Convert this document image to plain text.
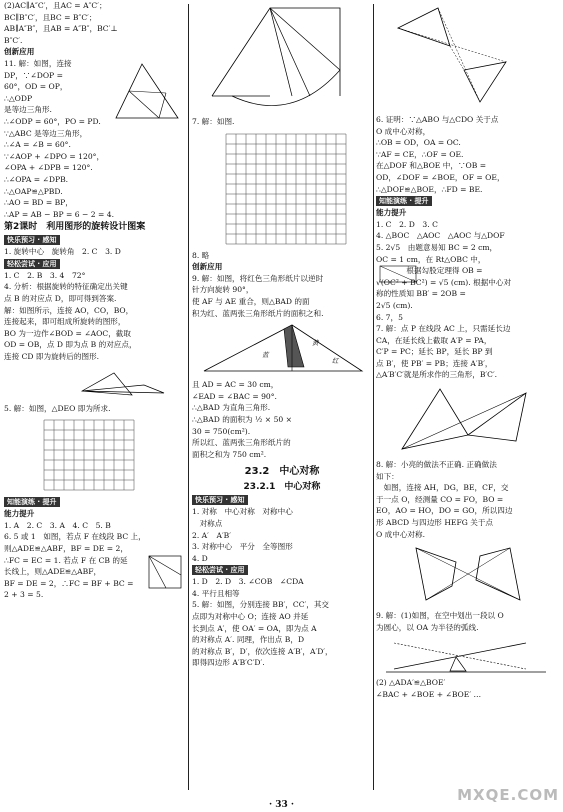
(2)AC∥A″C′，且AC = A″C′；
BC∥B″C′，且BC = B″C′；
AB∥A″B″，且AB = A″B″，BC′⊥
B″C′.
创新应用
11. 解：如图，连接
DP，∵∠DOP =
60°，OD = OP，
∴△ODP
是等边三角形.
∴∠ODP = 60°，PO = PD.
∵△ABC 是等边三角形，
∴∠A = ∠B = 60°.
∵∠AOP + ∠DPO = 120°，
∠OPA + ∠DPB = 120°.
∴∠OPA = ∠DPB.
∴△OAP≌△PBD.
∴AO = BD = BP，
∴AP = AB − BP = 6 − 2 = 4.
第2课时　利用图形的旋转设计图案
快乐预习 · 感知
1. 旋转中心　旋转角　2. C　3. D
轻松尝试 · 应用
1. C　2. B　3. 4　72°
4. 分析：根据旋转的特征确定出关键
点 B 的对应点 D，即可得到答案.
解：如图所示，连接 AO，CO，BO，
连接起来，即可组成所旋转的图形，
BO 为一边作∠BOD = ∠AOC，截取
OD = OB，点 D 即为点 B 的对应点，
连接 CD 即为旋转后的图形.
5. 解：如图，△DEO 即为所求.
知能演练 · 提升
能力提升
1. A　2. C　3. A　4. C　5. B
6. 5 或 1　如图，若点 F 在线段 BC 上，
则△ADE≌△ABF，BF = DE = 2，
∴FC = EC = 1. 若点 F 在 CB 的延
长线上，则△ADE≌△ABF，
BF = DE = 2，∴FC = BF + BC =
2 + 3 = 5.
7. 解：如图.
8. 略
创新应用
9. 解：如图，将红色三角形纸片以逆时
针方向旋转 90°，
使 AF 与 AE 重合，则△BAD 的面
积为红、蓝两张三角形纸片的面积之和.
蓝
黄
红
且 AD = AC = 30 cm，
∠EAD = ∠BAC = 90°.
∴△BAD 为直角三角形.
∴△BAD 的面积为 ½ × 50 ×
30 = 750(cm²).
所以红、蓝两张三角形纸片的
面积之和为 750 cm².
23.2　中心对称
23.2.1　中心对称
快乐预习 · 感知
1. 对称　中心对称　对称中心
　对称点
2. A′　A′B′
3. 对称中心　平分　全等图形
4. D
轻松尝试 · 应用
1. D　2. D　3. ∠COB　∠CDA
4. 平行且相等
5. 解：如图，分别连接 BB′，CC′，其交
点即为对称中心 O；连接 AO 并延
长到点 A′，使 OA′ = OA，即为点 A
的对称点 A′. 同理，作出点 B，D
的对称点 B′，D′，依次连接 A′B′，A′D′，
即得四边形 A′B′C′D′.
6. 证明：∵△ABO 与△CDO 关于点
O 成中心对称，
∴OB = OD，OA = OC.
∵AF = CE，∴OF = OE.
在△DOF 和△BOE 中，∵OB =
OD，∠DOF = ∠BOE，OF = OE，
∴△DOF≌△BOE，∴FD = BE.
知能演练 · 提升
能力提升
1. C　2. D　3. C
4. △BOC　△AOC　△AOC 与△DOF
5. 2√5　由题意易知 BC = 2 cm，
OC = 1 cm，在 Rt△OBC 中，
　　　　根据勾股定理得 OB =
√(OC² + BC²) = √5 (cm). 根据中心对
称的性质知 BB′ = 2OB =
2√5 (cm).
6. 7，5
7. 解：点 P 在线段 AC 上，只需延长边
CA，在延长线上截取 A′P = PA，
C′P = PC；延长 BP，延长 BP 到
点 B′，使 PB′ = PB；连接 A′B′，
△A′B′C′就是所求作的三角形，B′C′.
8. 解：小亮的做法不正确. 正确做法
如下：
　如图，连接 AH，DG，BE，CF，交
于一点 O，经测量 CO = FO，BO =
EO，AO = HO，DO = GO，所以四边
形 ABCD 与四边形 HEFG 关于点
O 成中心对称.
9. 解：(1)如图，在空中划出一段以 O
为圆心，以 OA 为半径的弧线.
(2) △ADA′≌△BOE′
∠BAC + ∠BOE + ∠BOE′ …
· 33 ·
MXQE.COM
